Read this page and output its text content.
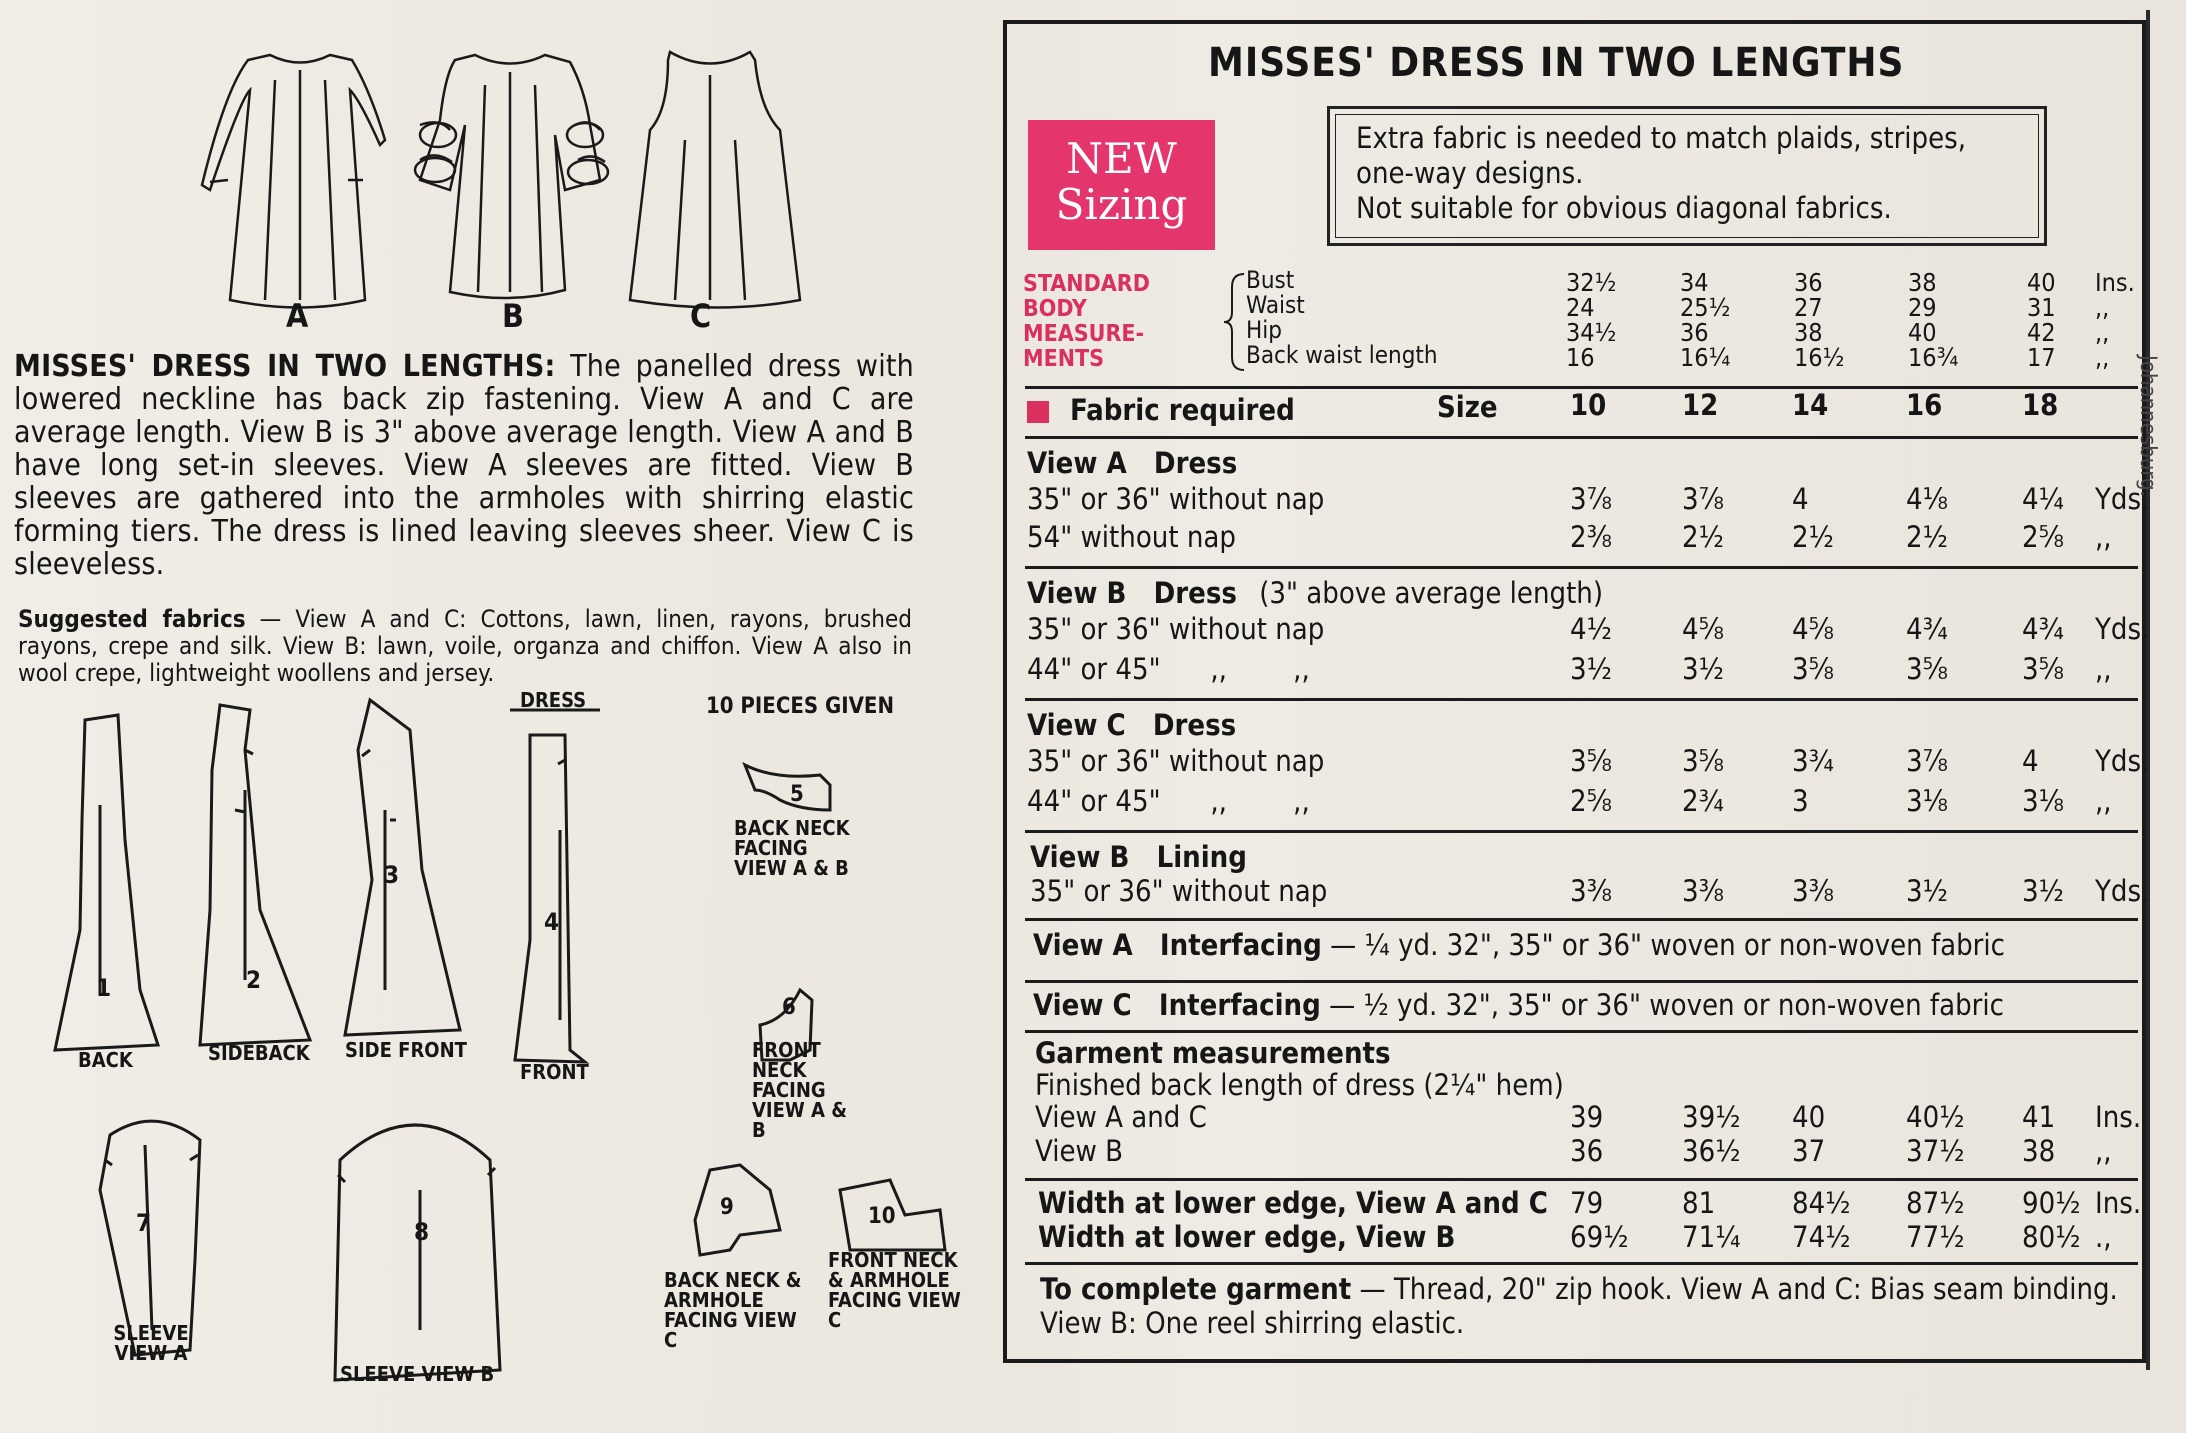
A	B	C
MISSES' DRESS IN TWO LENGTHS: The panelled dress with lowered neckline has back zip fastening. View A and C are average length. View B is 3" above average length. View A and B have long set-in sleeves. View A sleeves are fitted. View B sleeves are gathered into the armholes with shirring elastic forming tiers. The dress is lined leaving sleeves sheer. View C is sleeveless.
Suggested fabrics — View A and C: Cottons, lawn, linen, rayons, brushed rayons, crepe and silk. View B: lawn, voile, organza and chiffon. View A also in wool crepe, lightweight woollens and jersey.
DRESS	10 PIECES GIVEN
1
BACK
2
SIDEBACK
3
SIDE FRONT
4
FRONT
5
BACK NECK FACING VIEW A & B
6
FRONT NECK FACING VIEW A & B
7
SLEEVE VIEW A
8
SLEEVE VIEW B
9
BACK NECK & ARMHOLE FACING VIEW C
10
FRONT NECK & ARMHOLE FACING VIEW C
MISSES' DRESS IN TWO LENGTHS
NEW
Sizing
Extra fabric is needed to match plaids, stripes,
one-way designs.
Not suitable for obvious diagonal fabrics.
STANDARD
BODY
MEASURE-
MENTS
Bust
Waist
Hip
Back waist length
32½	34	36	38	40 Ins.
24	25½	27	29	31 ,,
34½	36	38	40	42 ,,
16	16¼	16½	16¾	17 ,,
Fabric required	Size 10	12	14	16	18
View A   Dress
35" or 36" without nap	3⅞ 3⅞ 4	4⅛	4¼ Yds.
54" without nap	2⅜ 2½ 2½ 2½	2⅝ ,,
View B   Dress (3" above average length)
35" or 36" without nap	4½ 4⅝ 4⅝ 4¾	4¾ Yds.
44" or 45"      ,,        ,,	3½ 3½ 3⅝ 3⅝	3⅝ ,,
View C   Dress
35" or 36" without nap	3⅝ 3⅝ 3¾ 3⅞	4 Yds.
44" or 45"      ,,        ,,	2⅝ 2¾ 3	3⅛	3⅛ ,,
View B   Lining
35" or 36" without nap	3⅜ 3⅜ 3⅜ 3½	3½ Yds.
View A   Interfacing — ¼ yd. 32", 35" or 36" woven or non-woven fabric
View C   Interfacing — ½ yd. 32", 35" or 36" woven or non-woven fabric
Garment measurements
Finished back length of dress (2¼" hem)
View A and C	39	39½ 40	40½ 41 Ins.
View B	36	36½ 37	37½ 38 ,,
Width at lower edge, View A and C 79	81	84½ 87½ 90½ Ins.
Width at lower edge, View B	69½ 71¼ 74½ 77½ 80½ .,
To complete garment — Thread, 20" zip hook. View A and C: Bias seam binding.
View B: One reel shirring elastic.
Johannesburg.
